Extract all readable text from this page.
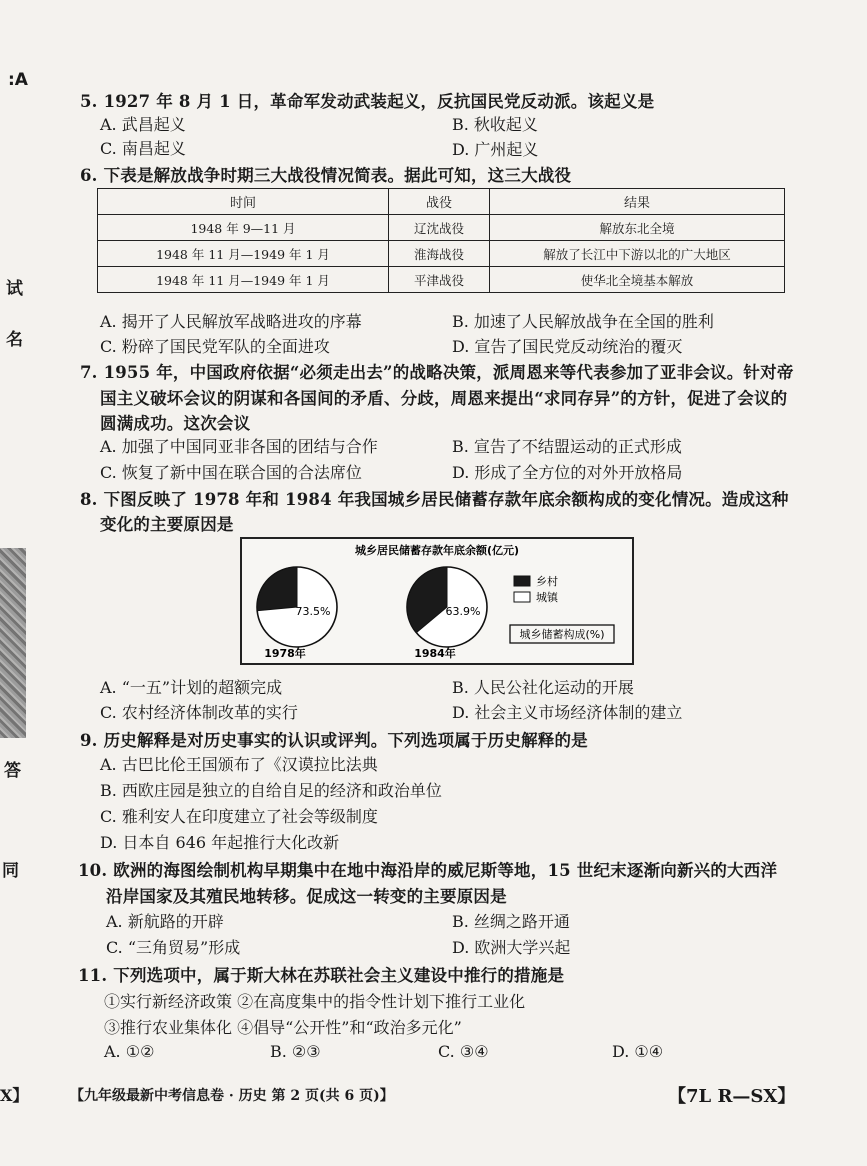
:A
试
名
答
同
5. 1927 年 8 月 1 日，革命军发动武装起义，反抗国民党反动派。该起义是
A. 武昌起义	B. 秋收起义
C. 南昌起义	D. 广州起义
6. 下表是解放战争时期三大战役情况简表。据此可知，这三大战役
时间	战役	结果
1948 年 9—11 月	辽沈战役	解放东北全境
1948 年 11 月—1949 年 1 月	淮海战役	解放了长江中下游以北的广大地区
1948 年 11 月—1949 年 1 月	平津战役	使华北全境基本解放
A. 揭开了人民解放军战略进攻的序幕	B. 加速了人民解放战争在全国的胜利
C. 粉碎了国民党军队的全面进攻	D. 宣告了国民党反动统治的覆灭
7. 1955 年，中国政府依据“必须走出去”的战略决策，派周恩来等代表参加了亚非会议。针对帝
国主义破坏会议的阴谋和各国间的矛盾、分歧，周恩来提出“求同存异”的方针，促进了会议的
圆满成功。这次会议
A. 加强了中国同亚非各国的团结与合作	B. 宣告了不结盟运动的正式形成
C. 恢复了新中国在联合国的合法席位	D. 形成了全方位的对外开放格局
8. 下图反映了 1978 年和 1984 年我国城乡居民储蓄存款年底余额构成的变化情况。造成这种
变化的主要原因是
城乡居民储蓄存款年底余额(亿元)
73.5%
1978年
63.9%
1984年
乡村
城镇
城乡储蓄构成(%)
A. “一五”计划的超额完成	B. 人民公社化运动的开展
C. 农村经济体制改革的实行	D. 社会主义市场经济体制的建立
9. 历史解释是对历史事实的认识或评判。下列选项属于历史解释的是
A. 古巴比伦王国颁布了《汉谟拉比法典
B. 西欧庄园是独立的自给自足的经济和政治单位
C. 雅利安人在印度建立了社会等级制度
D. 日本自 646 年起推行大化改新
10. 欧洲的海图绘制机构早期集中在地中海沿岸的威尼斯等地，15 世纪末逐渐向新兴的大西洋
沿岸国家及其殖民地转移。促成这一转变的主要原因是
A. 新航路的开辟	B. 丝绸之路开通
C. “三角贸易”形成	D. 欧洲大学兴起
11. 下列选项中，属于斯大林在苏联社会主义建设中推行的措施是
①实行新经济政策 ②在高度集中的指令性计划下推行工业化
③推行农业集体化 ④倡导“公开性”和“政治多元化”
A. ①②	B. ②③	C. ③④	D. ①④
X】	【九年级最新中考信息卷 · 历史 第 2 页(共 6 页)】	【7L R—SX】
